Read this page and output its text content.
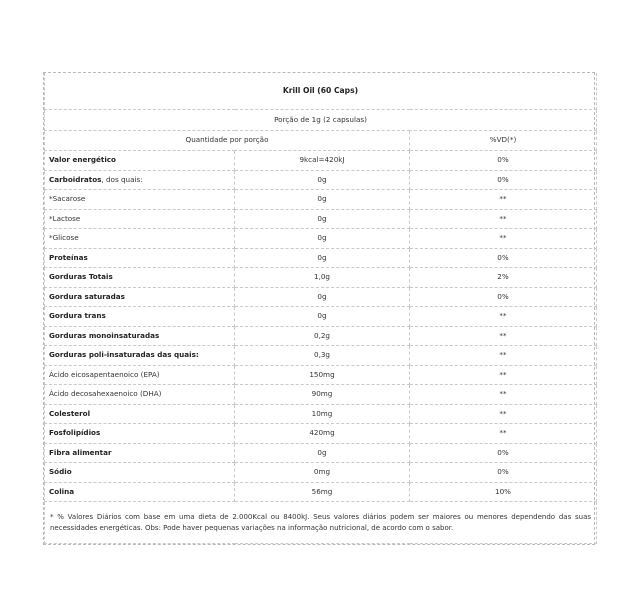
Krill Oil (60 Caps)		
Porção de 1g (2 capsulas)		
Quantidade por porção		%VD(*)
Valor energético	9kcal=420kJ	0%
Carboidratos, dos quais:	0g	0%
*Sacarose	0g	**
*Lactose	0g	**
*Glicose	0g	**
Proteínas	0g	0%
Gorduras Totais	1,0g	2%
Gordura saturadas	0g	0%
Gordura trans	0g	**
Gorduras monoinsaturadas	0,2g	**
Gorduras poli-insaturadas das quais:	0,3g	**
Ácido eicosapentaenoico (EPA)	150mg	**
Ácido decosahexaenoico (DHA)	90mg	**
Colesterol	10mg	**
Fosfolipídios	420mg	**
Fibra alimentar	0g	0%
Sódio	0mg	0%
Colina	56mg	10%
* % Valores Diários com base em uma dieta de 2.000Kcal ou 8400kJ. Seus valores diários podem ser maiores ou menores dependendo das suas necessidades energéticas. Obs: Pode haver pequenas variações na informação nutricional, de acordo com o sabor.		
